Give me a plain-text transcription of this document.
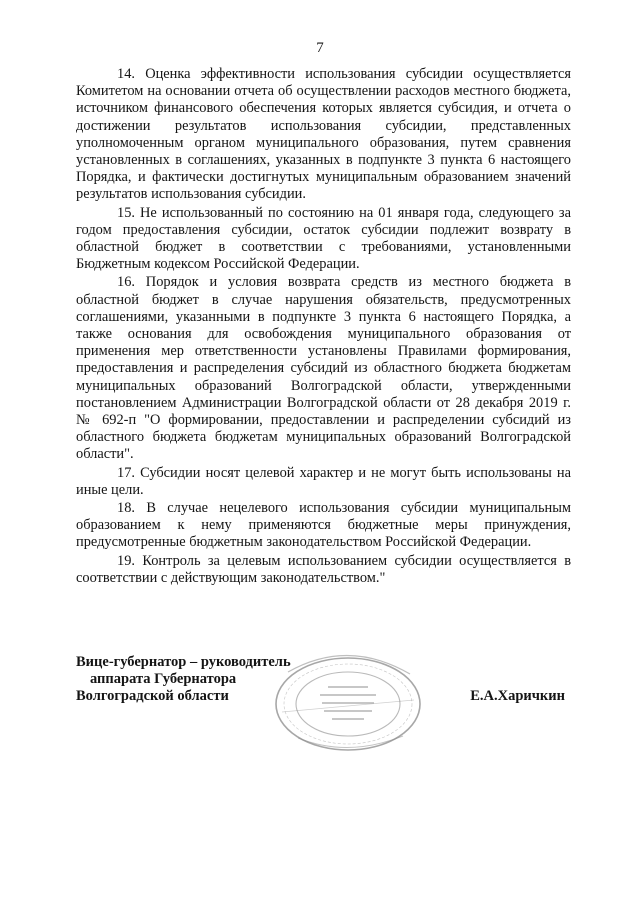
7

14. Оценка эффективности использования субсидии осуществляется Комитетом на основании отчета об осуществлении расходов местного бюджета, источником финансового обеспечения которых является субсидия, и отчета о достижении результатов использования субсидии, представленных уполномоченным органом муниципального образования, путем сравнения установленных в соглашениях, указанных в подпункте 3 пункта 6 настоящего Порядка, и фактически достигнутых муниципальным образованием значений результатов использования субсидии.

15. Не использованный по состоянию на 01 января года, следующего за годом предоставления субсидии, остаток субсидии подлежит возврату в областной бюджет в соответствии с требованиями, установленными Бюджетным кодексом Российской Федерации.

16. Порядок и условия возврата средств из местного бюджета в областной бюджет в случае нарушения обязательств, предусмотренных соглашениями, указанными в подпункте 3 пункта 6 настоящего Порядка, а также основания для освобождения муниципального образования от применения мер ответственности установлены Правилами формирования, предоставления и распределения субсидий из областного бюджета бюджетам муниципальных образований Волгоградской области, утвержденными постановлением Администрации Волгоградской области от 28 декабря 2019 г. № 692-п "О формировании, предоставлении и распределении субсидий из областного бюджета бюджетам муниципальных образований Волгоградской области".

17. Субсидии носят целевой характер и не могут быть использованы на иные цели.

18. В случае нецелевого использования субсидии муниципальным образованием к нему применяются бюджетные меры принуждения, предусмотренные бюджетным законодательством Российской Федерации.

19. Контроль за целевым использованием субсидии осуществляется в соответствии с действующим законодательством."

Вице-губернатор – руководитель
аппарата Губернатора
Волгоградской области	Е.А.Харичкин
